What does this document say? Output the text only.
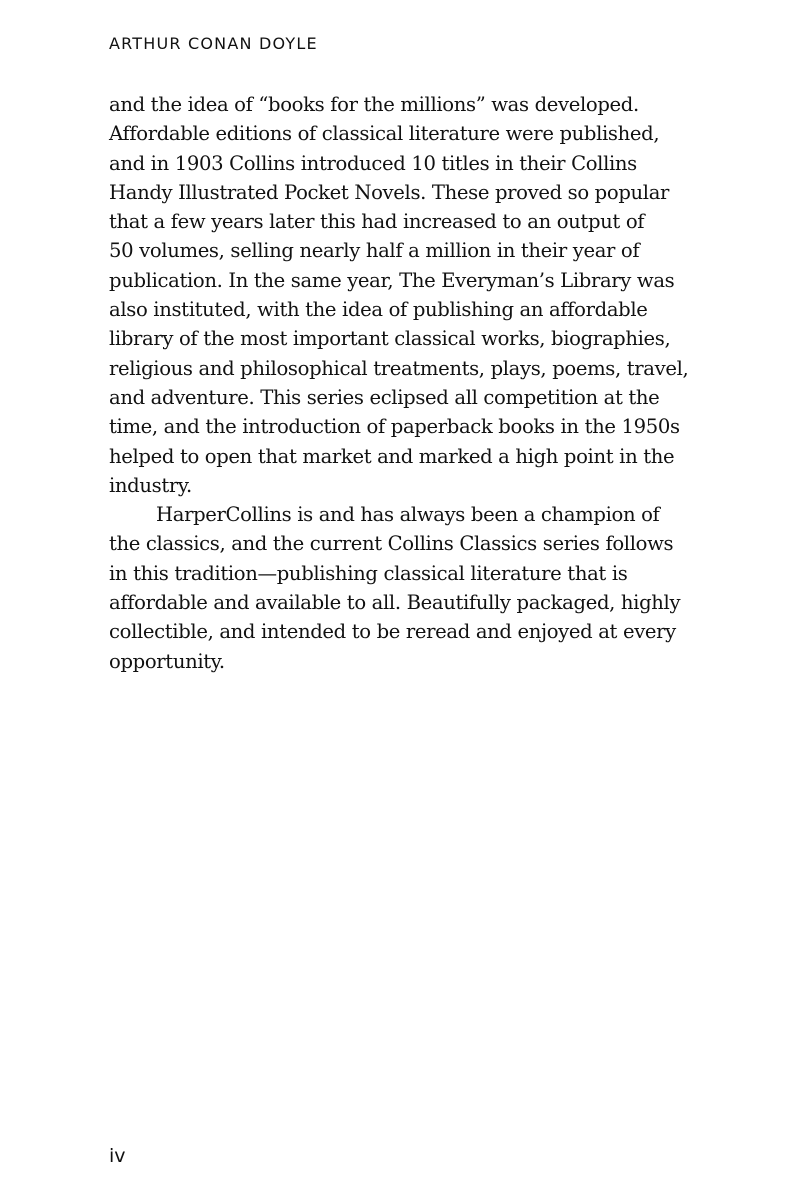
ARTHUR CONAN DOYLE
and the idea of “books for the millions” was developed.
Affordable editions of classical literature were published,
and in 1903 Collins introduced 10 titles in their Collins
Handy Illustrated Pocket Novels. These proved so popular
that a few years later this had increased to an output of
50 volumes, selling nearly half a million in their year of
publication. In the same year, The Everyman’s Library was
also instituted, with the idea of publishing an affordable
library of the most important classical works, biographies,
religious and philosophical treatments, plays, poems, travel,
and adventure. This series eclipsed all competition at the
time, and the introduction of paperback books in the 1950s
helped to open that market and marked a high point in the
industry.
HarperCollins is and has always been a champion of
the classics, and the current Collins Classics series follows
in this tradition—publishing classical literature that is
affordable and available to all. Beautifully packaged, highly
collectible, and intended to be reread and enjoyed at every
opportunity.
iv
